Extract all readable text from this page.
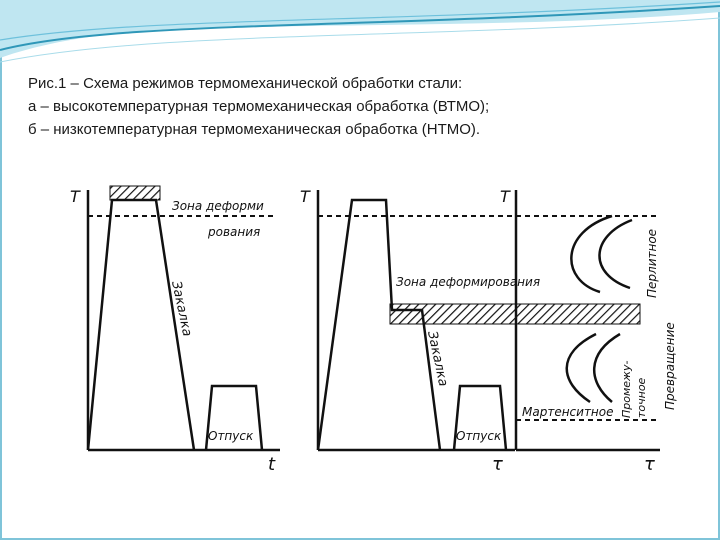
Рис.1 – Схема режимов термомеханической обработки стали:
а – высокотемпературная термомеханическая обработка (ВТМО);
б – низкотемпературная термомеханическая обработка (НТМО).
T
t
Зона деформи
рования
Закалка
Отпуск
T
τ
Зона деформирования
Закалка
Отпуск
T
τ
Перлитное
Превращение
Промежу- точное
Мартенситное
